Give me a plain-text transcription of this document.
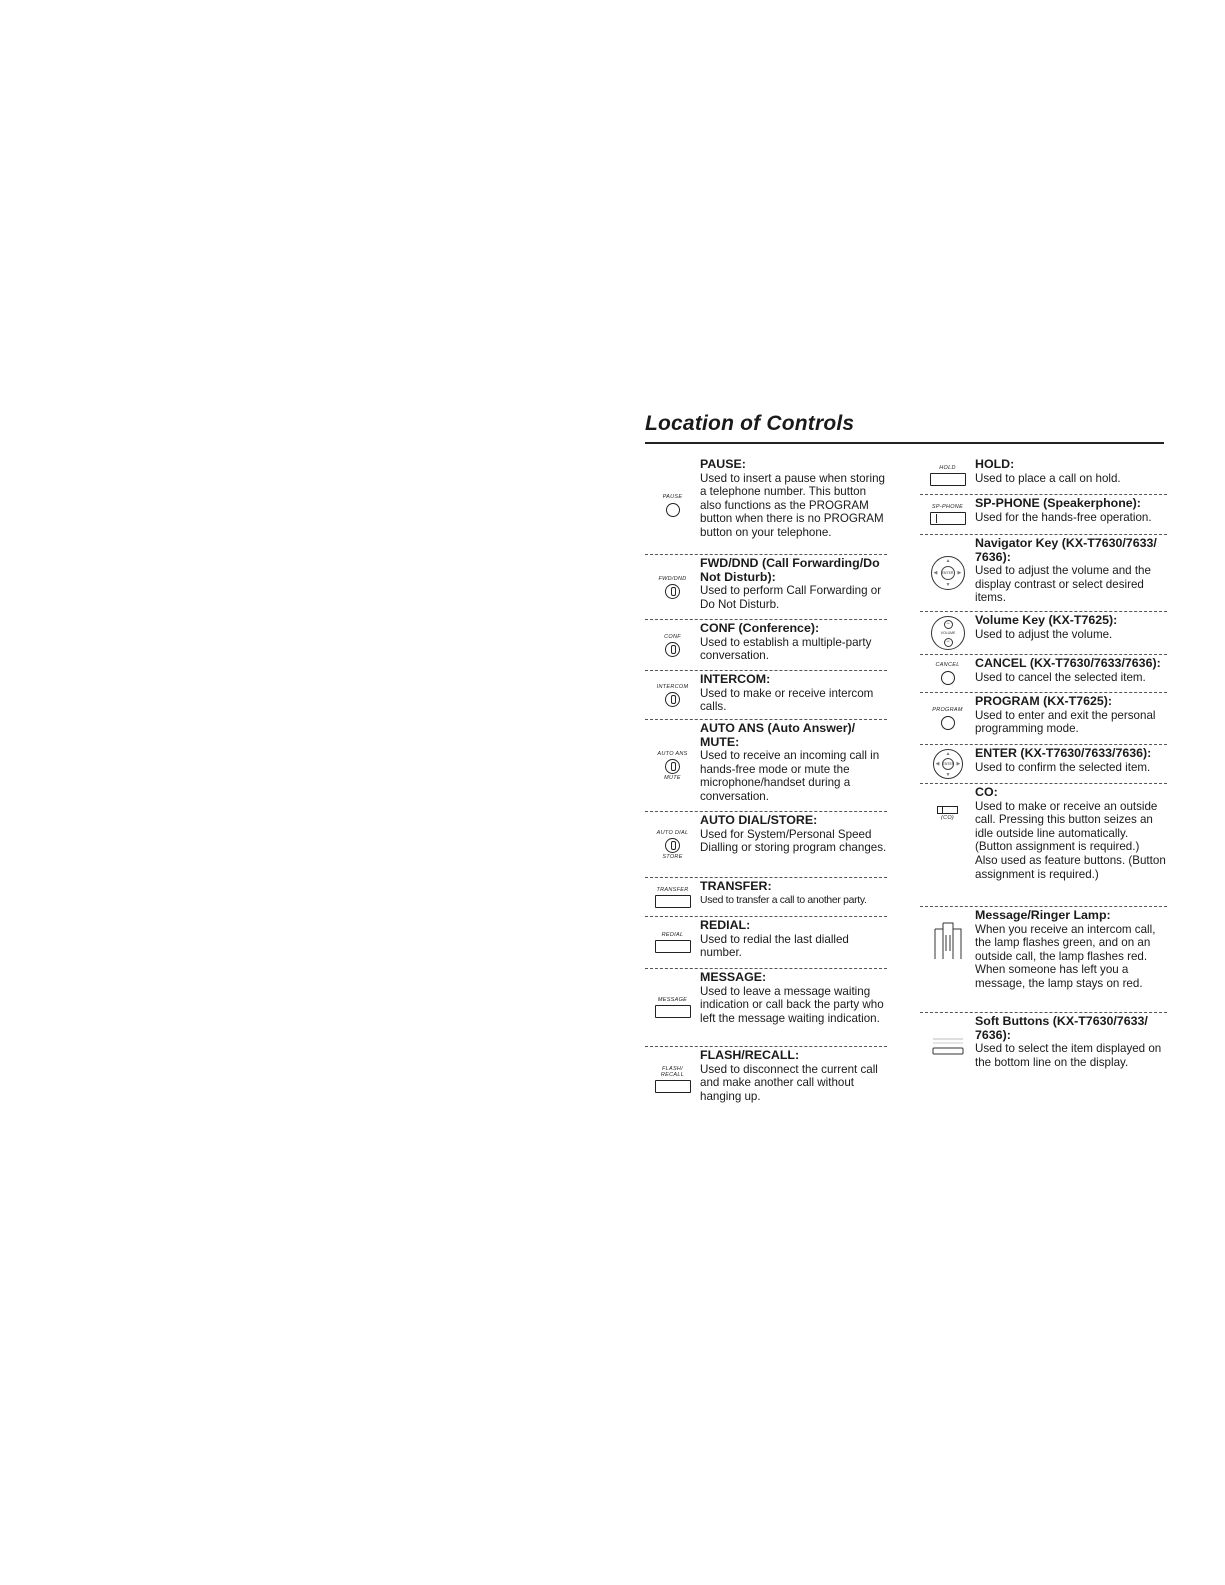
Location of Controls
PAUSE
PAUSE:
Used to insert a pause when storing a telephone number. This button also functions as the PROGRAM button when there is no PROGRAM button on your telephone.
FWD/DND
FWD/DND (Call Forwarding/Do Not Disturb):
Used to perform Call Forwarding or Do Not Disturb.
CONF
CONF (Conference):
Used to establish a multiple-party conversation.
INTERCOM
INTERCOM:
Used to make or receive intercom calls.
AUTO ANS
MUTE
AUTO ANS (Auto Answer)/ MUTE:
Used to receive an incoming call in hands-free mode or mute the microphone/handset during a conversation.
AUTO DIAL
STORE
AUTO DIAL/STORE:
Used for System/Personal Speed Dialling or storing program changes.
TRANSFER TRANSFER:
Used to transfer a call to another party.
REDIAL
REDIAL:
Used to redial the last dialled number.
MESSAGE
MESSAGE:
Used to leave a message waiting indication or call back the party who left the message waiting indication.
FLASH/
RECALL
FLASH/RECALL:
Used to disconnect the current call and make another call without hanging up.
HOLD HOLD:
Used to place a call on hold.
SP-PHONE SP-PHONE (Speakerphone):
Used for the hands-free operation.
▲
▼
◀	▶
ENTER
Navigator Key (KX-T7630/7633/ 7636):
Used to adjust the volume and the display contrast or select desired items.
−
VOLUME
−
Volume Key (KX-T7625):
Used to adjust the volume.
CANCEL CANCEL (KX-T7630/7633/7636):
Used to cancel the selected item.
PROGRAM
PROGRAM (KX-T7625):
Used to enter and exit the personal programming mode.
▲
▼
◀	▶
ENTER
ENTER (KX-T7630/7633/7636):
Used to confirm the selected item.
(CO)
CO:
Used to make or receive an outside call. Pressing this button seizes an idle outside line automatically. (Button assignment is required.)
Also used as feature buttons. (Button assignment is required.)
Message/Ringer Lamp:
When you receive an intercom call, the lamp flashes green, and on an outside call, the lamp flashes red. When someone has left you a message, the lamp stays on red.
Soft Buttons (KX-T7630/7633/ 7636):
Used to select the item displayed on the bottom line on the display.
